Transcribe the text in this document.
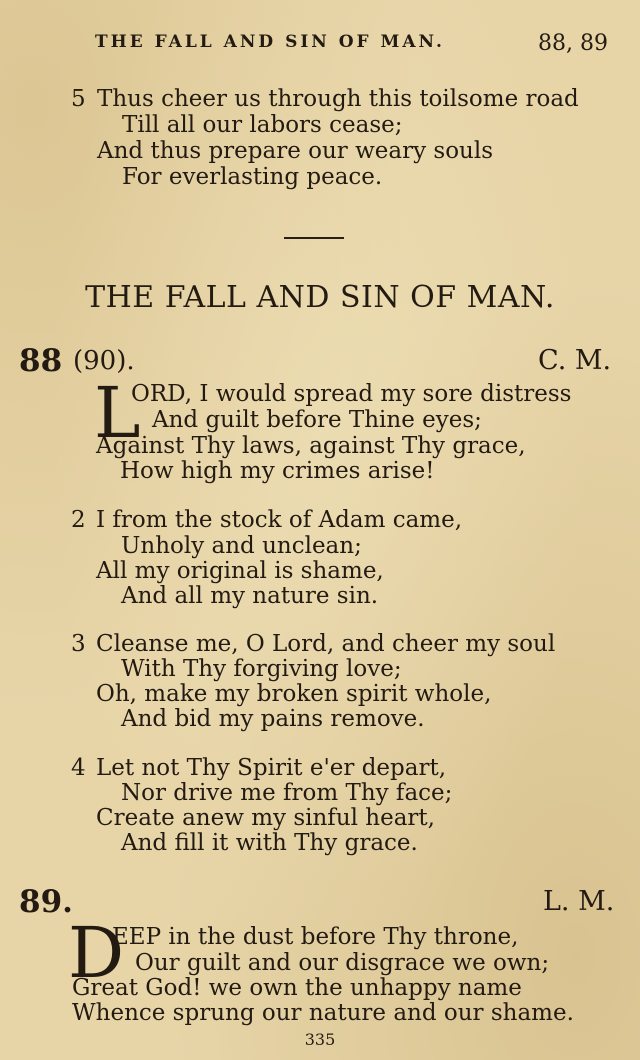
THE FALL AND SIN OF MAN.	88, 89
5 Thus cheer us through this toilsome road
Till all our labors cease;
And thus prepare our weary souls
For everlasting peace.
THE FALL AND SIN OF MAN.
88 (90).	C. M.
L
ORD, I would spread my sore distress
And guilt before Thine eyes;
Against Thy laws, against Thy grace,
How high my crimes arise!
2 I from the stock of Adam came,
Unholy and unclean;
All my original is shame,
And all my nature sin.
3 Cleanse me, O Lord, and cheer my soul
With Thy forgiving love;
Oh, make my broken spirit whole,
And bid my pains remove.
4 Let not Thy Spirit e'er depart,
Nor drive me from Thy face;
Create anew my sinful heart,
And fill it with Thy grace.
89.	L. M.
D
EEP in the dust before Thy throne,
Our guilt and our disgrace we own;
Great God! we own the unhappy name
Whence sprung our nature and our shame.
335
